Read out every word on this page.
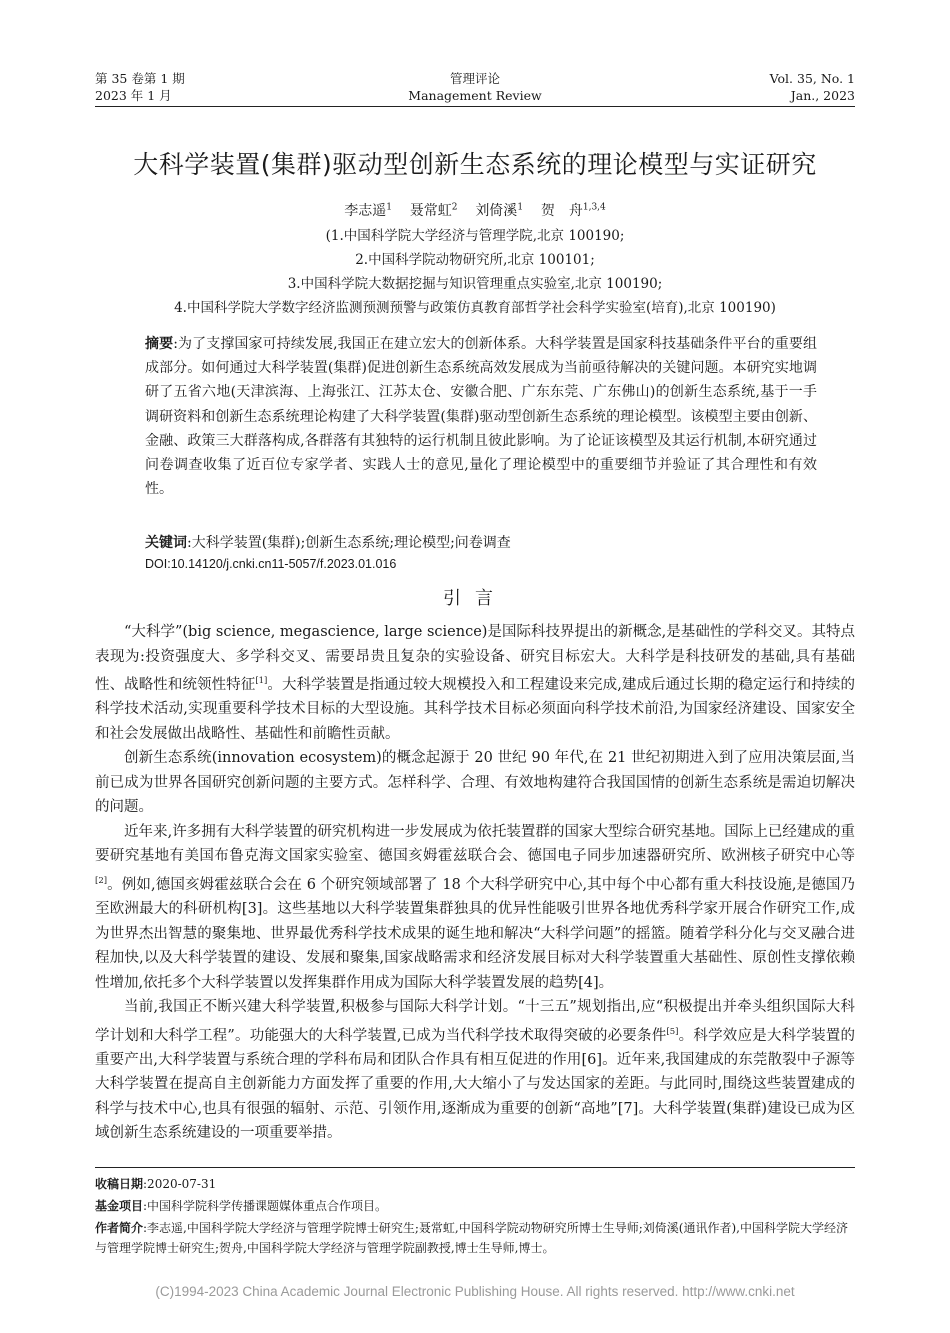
第 35 卷第 1 期
2023 年 1 月
管理评论
Management Review
Vol. 35, No. 1
Jan., 2023
大科学装置(集群)驱动型创新生态系统的理论模型与实证研究
李志遥$^1$ 聂常虹$^2$ 刘倚溪$^1$ 贺　舟$^{1,3,4}$
(1.中国科学院大学经济与管理学院,北京 100190;
2.中国科学院动物研究所,北京 100101;
3.中国科学院大数据挖掘与知识管理重点实验室,北京 100190;
4.中国科学院大学数字经济监测预测预警与政策仿真教育部哲学社会科学实验室(培育),北京 100190)
摘要:为了支撑国家可持续发展,我国正在建立宏大的创新体系。大科学装置是国家科技基础条件平台的重要组成部分。如何通过大科学装置(集群)促进创新生态系统高效发展成为当前亟待解决的关键问题。本研究实地调研了五省六地(天津滨海、上海张江、江苏太仓、安徽合肥、广东东莞、广东佛山)的创新生态系统,基于一手调研资料和创新生态系统理论构建了大科学装置(集群)驱动型创新生态系统的理论模型。该模型主要由创新、金融、政策三大群落构成,各群落有其独特的运行机制且彼此影响。为了论证该模型及其运行机制,本研究通过问卷调查收集了近百位专家学者、实践人士的意见,量化了理论模型中的重要细节并验证了其合理性和有效性。
关键词:大科学装置(集群);创新生态系统;理论模型;问卷调查
DOI:10.14120/j.cnki.cn11-5057/f.2023.01.016
引言

“大科学”(big science, megascience, large science)是国际科技界提出的新概念,是基础性的学科交叉。其特点表现为:投资强度大、多学科交叉、需要昂贵且复杂的实验设备、研究目标宏大。大科学是科技研发的基础,具有基础性、战略性和统领性特征[1]。大科学装置是指通过较大规模投入和工程建设来完成,建成后通过长期的稳定运行和持续的科学技术活动,实现重要科学技术目标的大型设施。其科学技术目标必须面向科学技术前沿,为国家经济建设、国家安全和社会发展做出战略性、基础性和前瞻性贡献。

创新生态系统(innovation ecosystem)的概念起源于 20 世纪 90 年代,在 21 世纪初期进入到了应用决策层面,当前已成为世界各国研究创新问题的主要方式。怎样科学、合理、有效地构建符合我国国情的创新生态系统是需迫切解决的问题。

近年来,许多拥有大科学装置的研究机构进一步发展成为依托装置群的国家大型综合研究基地。国际上已经建成的重要研究基地有美国布鲁克海文国家实验室、德国亥姆霍兹联合会、德国电子同步加速器研究所、欧洲核子研究中心等[2]。例如,德国亥姆霍兹联合会在 6 个研究领域部署了 18 个大科学研究中心,其中每个中心都有重大科技设施,是德国乃至欧洲最大的科研机构[3]。这些基地以大科学装置集群独具的优异性能吸引世界各地优秀科学家开展合作研究工作,成为世界杰出智慧的聚集地、世界最优秀科学技术成果的诞生地和解决“大科学问题”的摇篮。随着学科分化与交叉融合进程加快,以及大科学装置的建设、发展和聚集,国家战略需求和经济发展目标对大科学装置重大基础性、原创性支撑依赖性增加,依托多个大科学装置以发挥集群作用成为国际大科学装置发展的趋势[4]。

当前,我国正不断兴建大科学装置,积极参与国际大科学计划。“十三五”规划指出,应“积极提出并牵头组织国际大科学计划和大科学工程”。功能强大的大科学装置,已成为当代科学技术取得突破的必要条件[5]。科学效应是大科学装置的重要产出,大科学装置与系统合理的学科布局和团队合作具有相互促进的作用[6]。近年来,我国建成的东莞散裂中子源等大科学装置在提高自主创新能力方面发挥了重要的作用,大大缩小了与发达国家的差距。与此同时,围绕这些装置建成的科学与技术中心,也具有很强的辐射、示范、引领作用,逐渐成为重要的创新“高地”[7]。大科学装置(集群)建设已成为区域创新生态系统建设的一项重要举措。

收稿日期:2020-07-31
基金项目:中国科学院科学传播课题媒体重点合作项目。
作者简介:李志遥,中国科学院大学经济与管理学院博士研究生;聂常虹,中国科学院动物研究所博士生导师;刘倚溪(通讯作者),中国科学院大学经济与管理学院博士研究生;贺舟,中国科学院大学经济与管理学院副教授,博士生导师,博士。
(C)1994-2023 China Academic Journal Electronic Publishing House. All rights reserved. http://www.cnki.net
